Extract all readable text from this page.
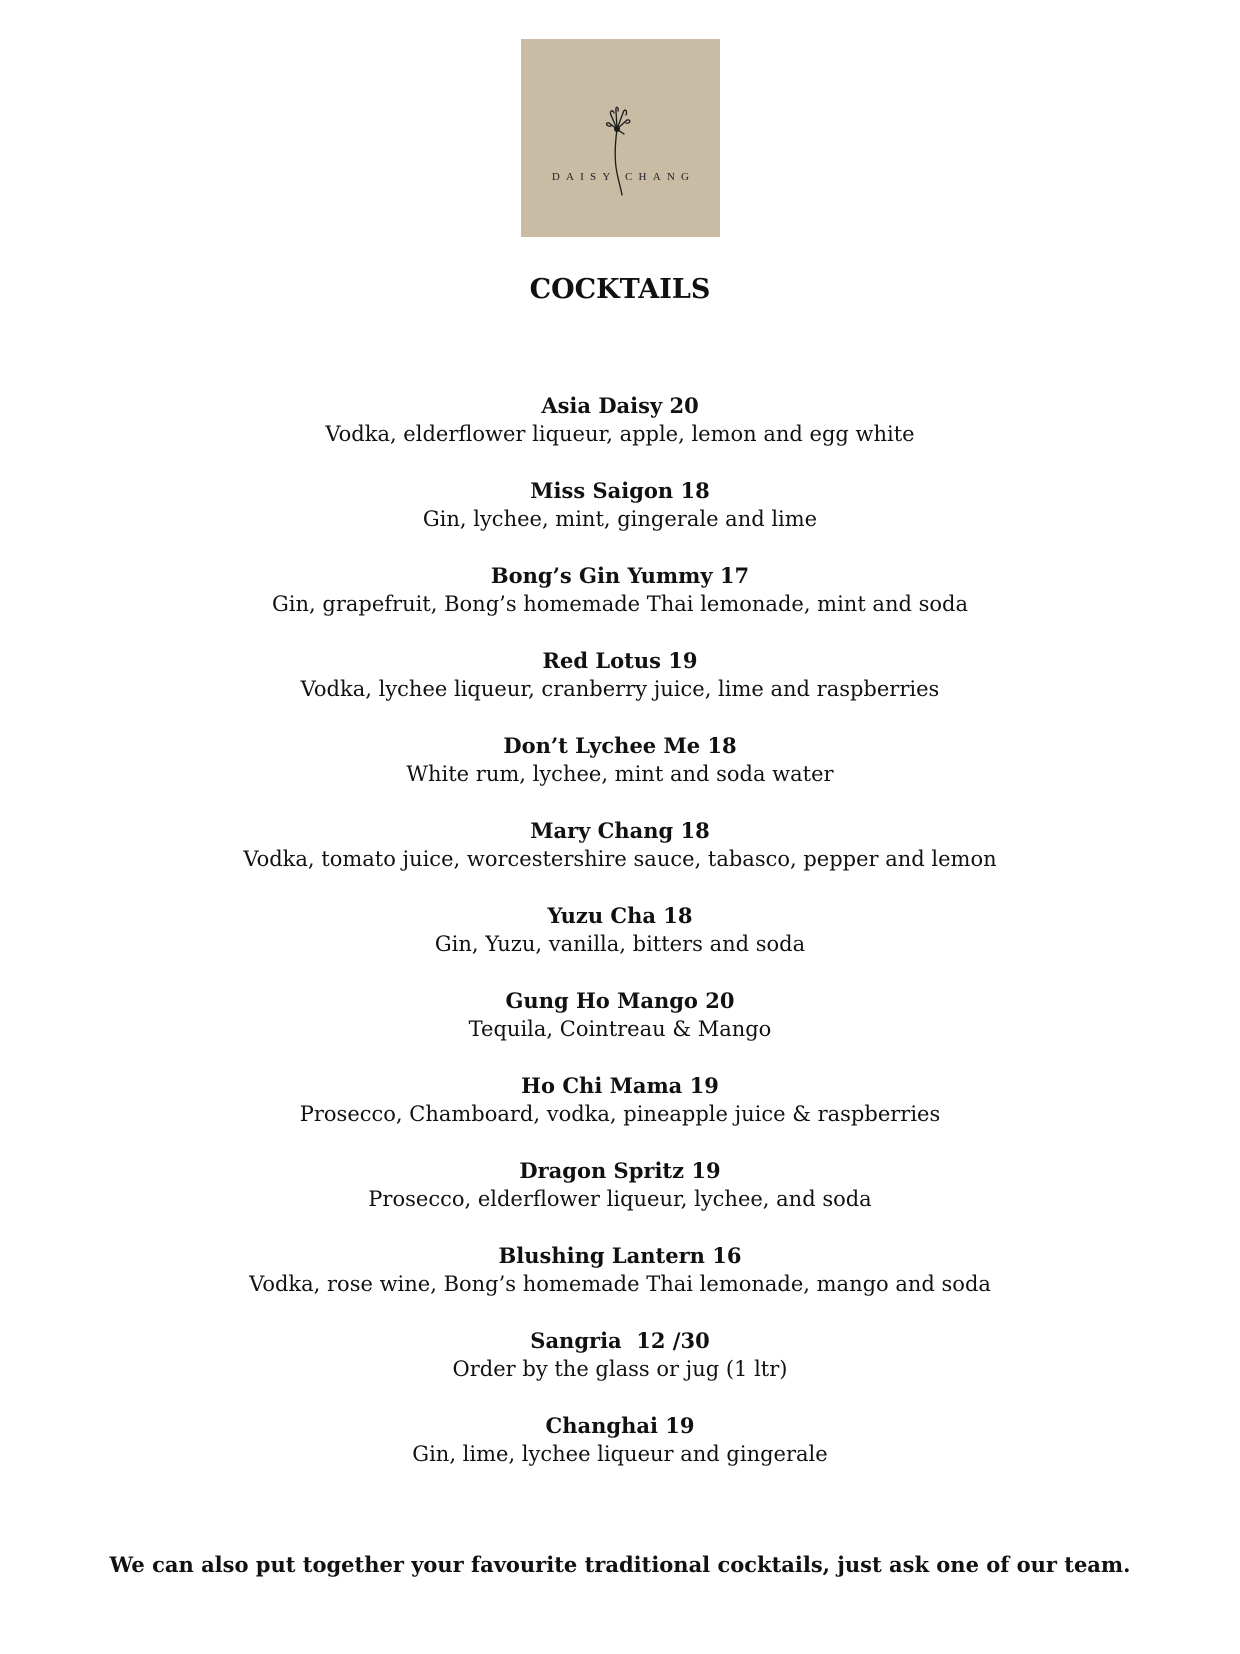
DAISY CHANG
COCKTAILS
Asia Daisy 20
Vodka, elderflower liqueur, apple, lemon and egg white
Miss Saigon 18
Gin, lychee, mint, gingerale and lime
Bong’s Gin Yummy 17
Gin, grapefruit, Bong’s homemade Thai lemonade, mint and soda
Red Lotus 19
Vodka, lychee liqueur, cranberry juice, lime and raspberries
Don’t Lychee Me 18
White rum, lychee, mint and soda water
Mary Chang 18
Vodka, tomato juice, worcestershire sauce, tabasco, pepper and lemon
Yuzu Cha 18
Gin, Yuzu, vanilla, bitters and soda
Gung Ho Mango 20
Tequila, Cointreau & Mango
Ho Chi Mama 19
Prosecco, Chamboard, vodka, pineapple juice & raspberries
Dragon Spritz 19
Prosecco, elderflower liqueur, lychee, and soda
Blushing Lantern 16
Vodka, rose wine, Bong’s homemade Thai lemonade, mango and soda
Sangria  12 /30
Order by the glass or jug (1 ltr)
Changhai 19
Gin, lime, lychee liqueur and gingerale
We can also put together your favourite traditional cocktails, just ask one of our team.
